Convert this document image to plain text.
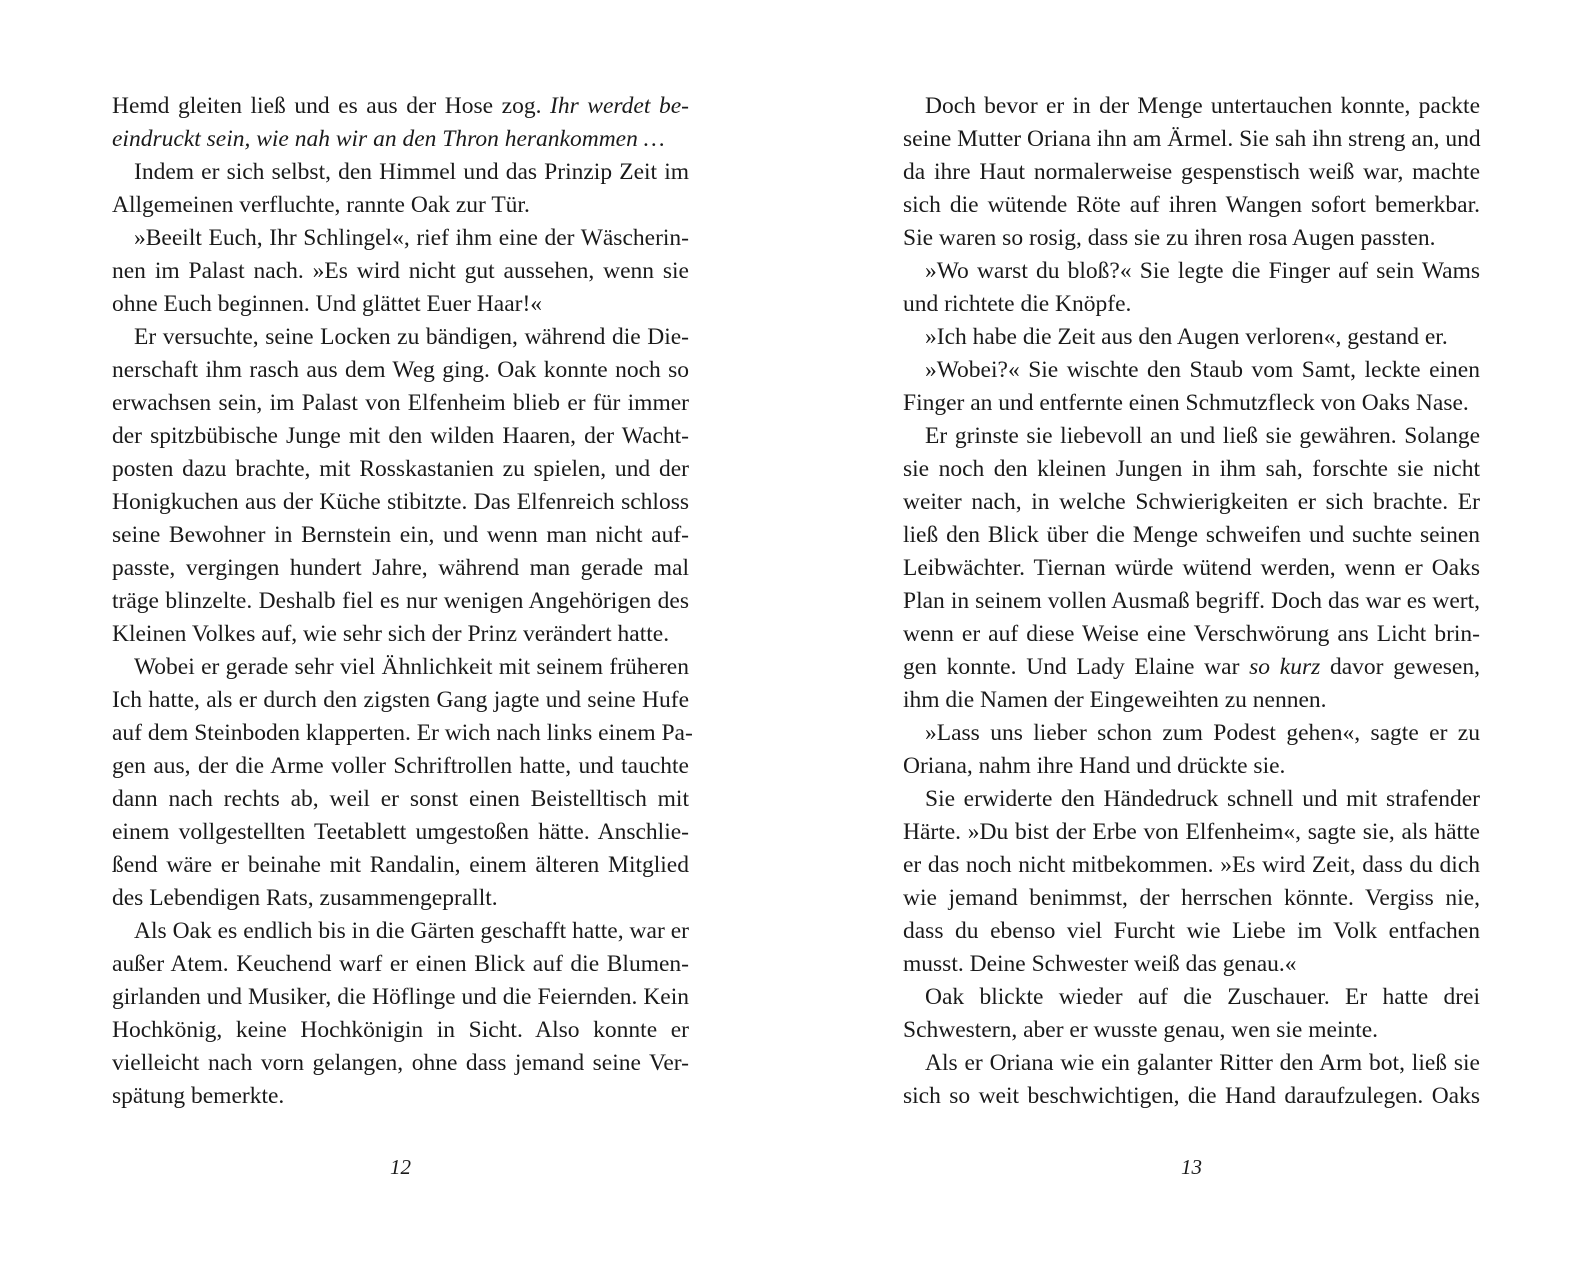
Hemd gleiten ließ und es aus der Hose zog. Ihr werdet be-
eindruckt sein, wie nah wir an den Thron herankommen …
Indem er sich selbst, den Himmel und das Prinzip Zeit im
Allgemeinen verfluchte, rannte Oak zur Tür.
»Beeilt Euch, Ihr Schlingel«, rief ihm eine der Wäscherin-
nen im Palast nach. »Es wird nicht gut aussehen, wenn sie
ohne Euch beginnen. Und glättet Euer Haar!«
Er versuchte, seine Locken zu bändigen, während die Die-
nerschaft ihm rasch aus dem Weg ging. Oak konnte noch so
erwachsen sein, im Palast von Elfenheim blieb er für immer
der spitzbübische Junge mit den wilden Haaren, der Wacht-
posten dazu brachte, mit Rosskastanien zu spielen, und der
Honigkuchen aus der Küche stibitzte. Das Elfenreich schloss
seine Bewohner in Bernstein ein, und wenn man nicht auf-
passte, vergingen hundert Jahre, während man gerade mal
träge blinzelte. Deshalb fiel es nur wenigen Angehörigen des
Kleinen Volkes auf, wie sehr sich der Prinz verändert hatte.
Wobei er gerade sehr viel Ähnlichkeit mit seinem früheren
Ich hatte, als er durch den zigsten Gang jagte und seine Hufe
auf dem Steinboden klapperten. Er wich nach links einem Pa-
gen aus, der die Arme voller Schriftrollen hatte, und tauchte
dann nach rechts ab, weil er sonst einen Beistelltisch mit
einem vollgestellten Teetablett umgestoßen hätte. Anschlie-
ßend wäre er beinahe mit Randalin, einem älteren Mitglied
des Lebendigen Rats, zusammengeprallt.
Als Oak es endlich bis in die Gärten geschafft hatte, war er
außer Atem. Keuchend warf er einen Blick auf die Blumen-
girlanden und Musiker, die Höflinge und die Feiernden. Kein
Hochkönig, keine Hochkönigin in Sicht. Also konnte er
vielleicht nach vorn gelangen, ohne dass jemand seine Ver-
spätung bemerkte.
12
Doch bevor er in der Menge untertauchen konnte, packte
seine Mutter Oriana ihn am Ärmel. Sie sah ihn streng an, und
da ihre Haut normalerweise gespenstisch weiß war, machte
sich die wütende Röte auf ihren Wangen sofort bemerkbar.
Sie waren so rosig, dass sie zu ihren rosa Augen passten.
»Wo warst du bloß?« Sie legte die Finger auf sein Wams
und richtete die Knöpfe.
»Ich habe die Zeit aus den Augen verloren«, gestand er.
»Wobei?« Sie wischte den Staub vom Samt, leckte einen
Finger an und entfernte einen Schmutzfleck von Oaks Nase.
Er grinste sie liebevoll an und ließ sie gewähren. Solange
sie noch den kleinen Jungen in ihm sah, forschte sie nicht
weiter nach, in welche Schwierigkeiten er sich brachte. Er
ließ den Blick über die Menge schweifen und suchte seinen
Leibwächter. Tiernan würde wütend werden, wenn er Oaks
Plan in seinem vollen Ausmaß begriff. Doch das war es wert,
wenn er auf diese Weise eine Verschwörung ans Licht brin-
gen konnte. Und Lady Elaine war so kurz davor gewesen,
ihm die Namen der Eingeweihten zu nennen.
»Lass uns lieber schon zum Podest gehen«, sagte er zu
Oriana, nahm ihre Hand und drückte sie.
Sie erwiderte den Händedruck schnell und mit strafender
Härte. »Du bist der Erbe von Elfenheim«, sagte sie, als hätte
er das noch nicht mitbekommen. »Es wird Zeit, dass du dich
wie jemand benimmst, der herrschen könnte. Vergiss nie,
dass du ebenso viel Furcht wie Liebe im Volk entfachen
musst. Deine Schwester weiß das genau.«
Oak blickte wieder auf die Zuschauer. Er hatte drei
Schwestern, aber er wusste genau, wen sie meinte.
Als er Oriana wie ein galanter Ritter den Arm bot, ließ sie
sich so weit beschwichtigen, die Hand daraufzulegen. Oaks
13
